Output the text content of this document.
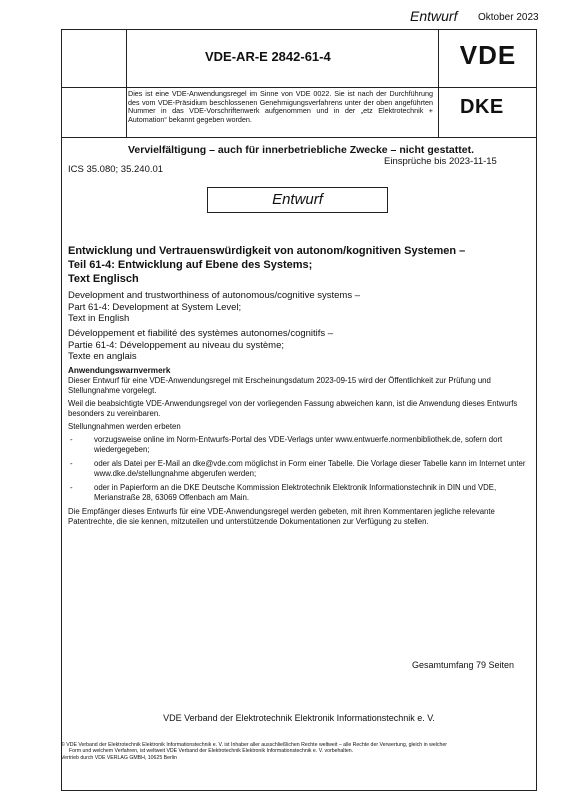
Entwurf Oktober 2023
VDE-AR-E 2842-61-4	VDE
DKE
Dies ist eine VDE-Anwendungsregel im Sinne von VDE 0022. Sie ist nach der Durchführung des vom VDE-Präsidium beschlossenen Genehmigungsverfahrens unter der oben angeführten Nummer in das VDE-Vorschriftenwerk aufgenommen und in der „etz Elektrotechnik + Automation“ bekannt gegeben worden.
Vervielfältigung – auch für innerbetriebliche Zwecke – nicht gestattet.
Einsprüche bis 2023-11-15
ICS 35.080; 35.240.01
Entwurf
Entwicklung und Vertrauenswürdigkeit von autonom/kognitiven Systemen –
Teil 61-4: Entwicklung auf Ebene des Systems;
Text Englisch
Development and trustworthiness of autonomous/cognitive systems –
Part 61-4: Development at System Level;
Text in English
Développement et fiabilité des systèmes autonomes/cognitifs –
Partie 61-4: Développement au niveau du système;
Texte en anglais
Anwendungswarnvermerk

Dieser Entwurf für eine VDE-Anwendungsregel mit Erscheinungsdatum 2023-09-15 wird der Öffentlichkeit zur Prüfung und Stellungnahme vorgelegt.

Weil die beabsichtigte VDE-Anwendungsregel von der vorliegenden Fassung abweichen kann, ist die Anwendung dieses Entwurfs besonders zu vereinbaren.

Stellungnahmen werden erbeten

-	vorzugsweise online im Norm-Entwurfs-Portal des VDE-Verlags unter www.entwuerfe.normenbibliothek.de, sofern dort wiedergegeben;
-	oder als Datei per E-Mail an dke@vde.com möglichst in Form einer Tabelle. Die Vorlage dieser Tabelle kann im Internet unter www.dke.de/stellungnahme abgerufen werden;
-	oder in Papierform an die DKE Deutsche Kommission Elektrotechnik Elektronik Informationstechnik in DIN und VDE, Merianstraße 28, 63069 Offenbach am Main.

Die Empfänger dieses Entwurfs für eine VDE-Anwendungsregel werden gebeten, mit ihren Kommentaren jegliche relevante Patentrechte, die sie kennen, mitzuteilen und unterstützende Dokumentationen zur Verfügung zu stellen.

Gesamtumfang 79 Seiten
VDE Verband der Elektrotechnik Elektronik Informationstechnik e. V.
© VDE Verband der Elektrotechnik Elektronik Informationstechnik e. V. ist Inhaber aller ausschließlichen Rechte weltweit – alle Rechte der Verwertung, gleich in welcher
Form und welchem Verfahren, ist weltweit VDE Verband der Elektrotechnik Elektronik Informationstechnik e. V. vorbehalten.
Vertrieb durch VDE VERLAG GMBH, 10625 Berlin
